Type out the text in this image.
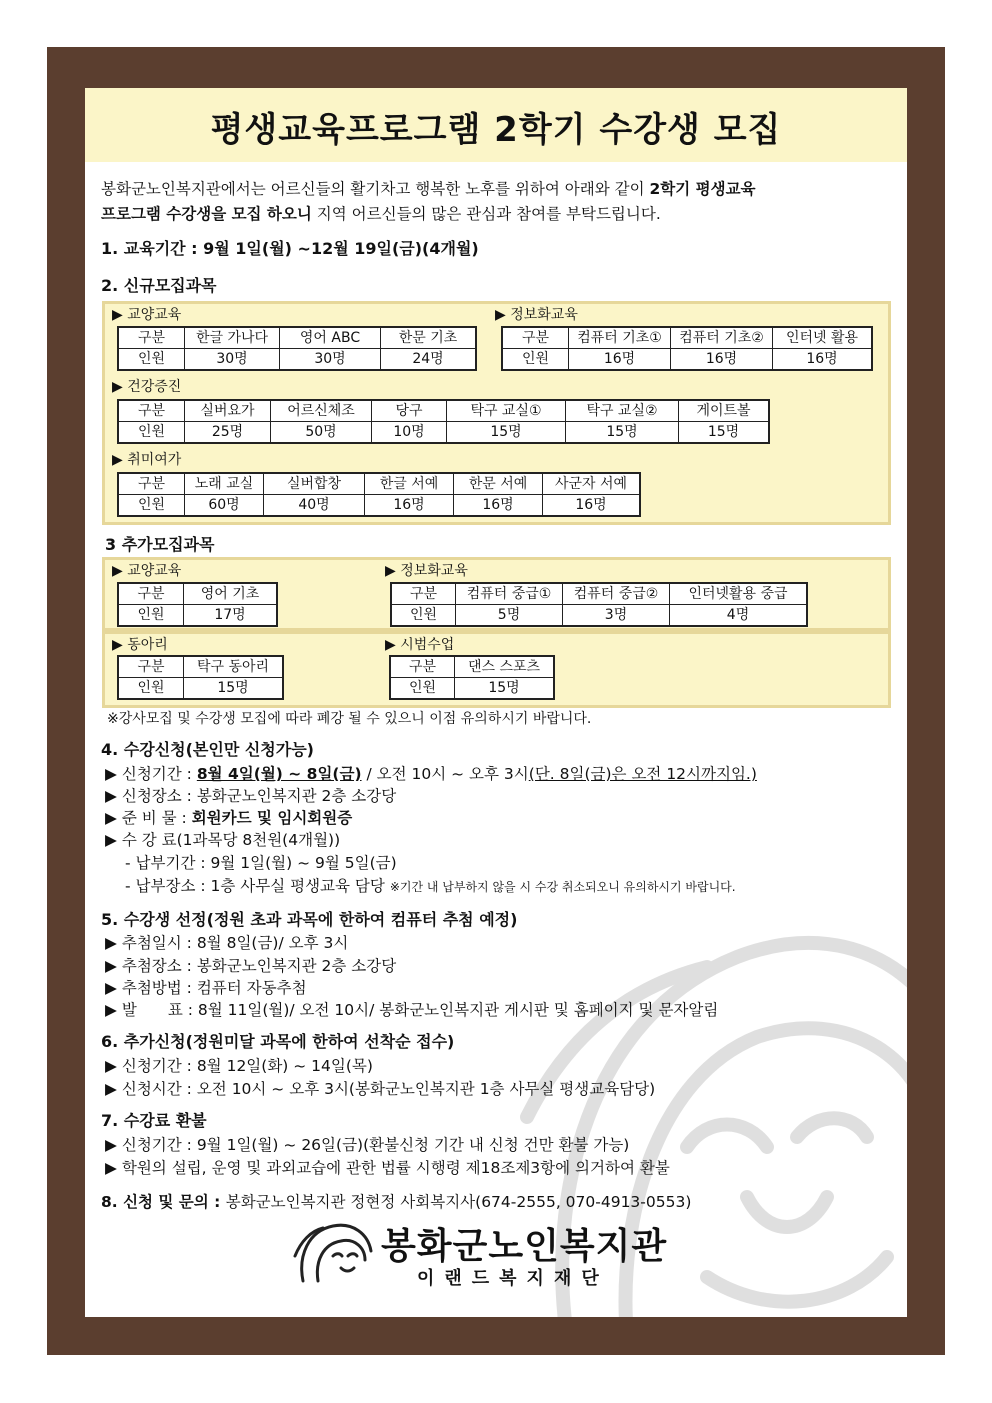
평생교육프로그램 2학기 수강생 모집
봉화군노인복지관에서는 어르신들의 활기차고 행복한 노후를 위하여 아래와 같이 2학기 평생교육
프로그램 수강생을 모집 하오니 지역 어르신들의 많은 관심과 참여를 부탁드립니다.
1. 교육기간 : 9월 1일(월) ~12월 19일(금)(4개월)
2. 신규모집과목
▶ 교양교육
구분	한글 가나다	영어 ABC	한문 기초
인원	30명	30명	24명
▶ 정보화교육
구분	컴퓨터 기초①	컴퓨터 기초②	인터넷 활용
인원	16명	16명	16명
▶ 건강증진
구분	실버요가	어르신체조	당구	탁구 교실①	탁구 교실②	게이트볼
인원	25명	50명	10명	15명	15명	15명
▶ 취미여가
구분	노래 교실	실버합창	한글 서예	한문 서예	사군자 서예
인원	60명	40명	16명	16명	16명
3 추가모집과목
▶ 교양교육
구분	영어 기초
인원	17명
▶ 정보화교육
구분	컴퓨터 중급①	컴퓨터 중급②	인터넷활용 중급
인원	5명	3명	4명
▶ 동아리
구분	탁구 동아리
인원	15명
▶ 시범수업
구분	댄스 스포츠
인원	15명
※강사모집 및 수강생 모집에 따라 폐강 될 수 있으니 이점 유의하시기 바랍니다.
4. 수강신청(본인만 신청가능)
▶ 신청기간 : 8월 4일(월) ~ 8일(금) / 오전 10시 ~ 오후 3시(단. 8일(금)은 오전 12시까지임.)
▶ 신청장소 : 봉화군노인복지관 2층 소강당
▶ 준 비 물 : 회원카드 및 임시회원증
▶ 수 강 료(1과목당 8천원(4개월))
- 납부기간 : 9월 1일(월) ~ 9월 5일(금)
- 납부장소 : 1층 사무실 평생교육 담당 ※기간 내 납부하지 않을 시 수강 취소되오니 유의하시기 바랍니다.
5. 수강생 선정(정원 초과 과목에 한하여 컴퓨터 추첨 예정)
▶ 추첨일시 : 8월 8일(금)/ 오후 3시
▶ 추첨장소 : 봉화군노인복지관 2층 소강당
▶ 추첨방법 : 컴퓨터 자동추첨
▶ 발　　표 : 8월 11일(월)/ 오전 10시/ 봉화군노인복지관 게시판 및 홈페이지 및 문자알림
6. 추가신청(정원미달 과목에 한하여 선착순 접수)
▶ 신청기간 : 8월 12일(화) ~ 14일(목)
▶ 신청시간 : 오전 10시 ~ 오후 3시(봉화군노인복지관 1층 사무실 평생교육담당)
7. 수강료 환불
▶ 신청기간 : 9월 1일(월) ~ 26일(금)(환불신청 기간 내 신청 건만 환불 가능)
▶ 학원의 설립, 운영 및 과외교습에 관한 법률 시행령 제18조제3항에 의거하여 환불
8. 신청 및 문의 : 봉화군노인복지관 정현정 사회복지사(674-2555, 070-4913-0553)
봉화군노인복지관
이랜드복지재단
